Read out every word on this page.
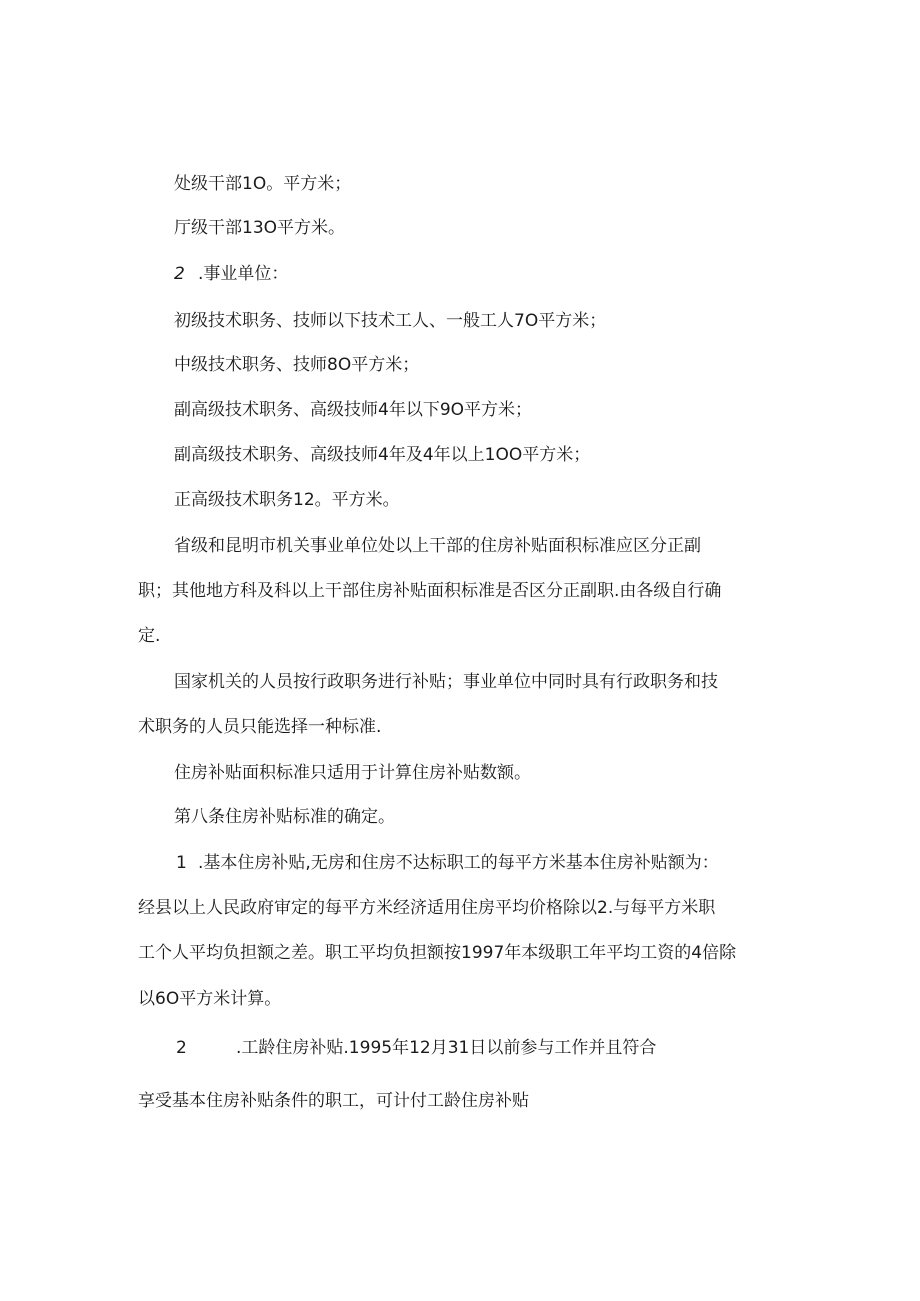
处级干部1O。平方米；
厅级干部13O平方米。
2 .事业单位：
初级技术职务、技师以下技术工人、一般工人7O平方米；
中级技术职务、技师8O平方米；
副高级技术职务、高级技师4年以下9O平方米；
副高级技术职务、高级技师4年及4年以上1OO平方米；
正高级技术职务12。平方米。
省级和昆明市机关事业单位处以上干部的住房补贴面积标准应区分正副
职；其他地方科及科以上干部住房补贴面积标准是否区分正副职.由各级自行确
定.
国家机关的人员按行政职务进行补贴；事业单位中同时具有行政职务和技
术职务的人员只能选择一种标准.
住房补贴面积标准只适用于计算住房补贴数额。
第八条住房补贴标准的确定。
1 .基本住房补贴,无房和住房不达标职工的每平方米基本住房补贴额为：
经县以上人民政府审定的每平方米经济适用住房平均价格除以2.与每平方米职
工个人平均负担额之差。职工平均负担额按1997年本级职工年平均工资的4倍除
以6O平方米计算。
2	.工龄住房补贴.1995年12月31日以前参与工作并且符合
享受基本住房补贴条件的职工，可计付工龄住房补贴
